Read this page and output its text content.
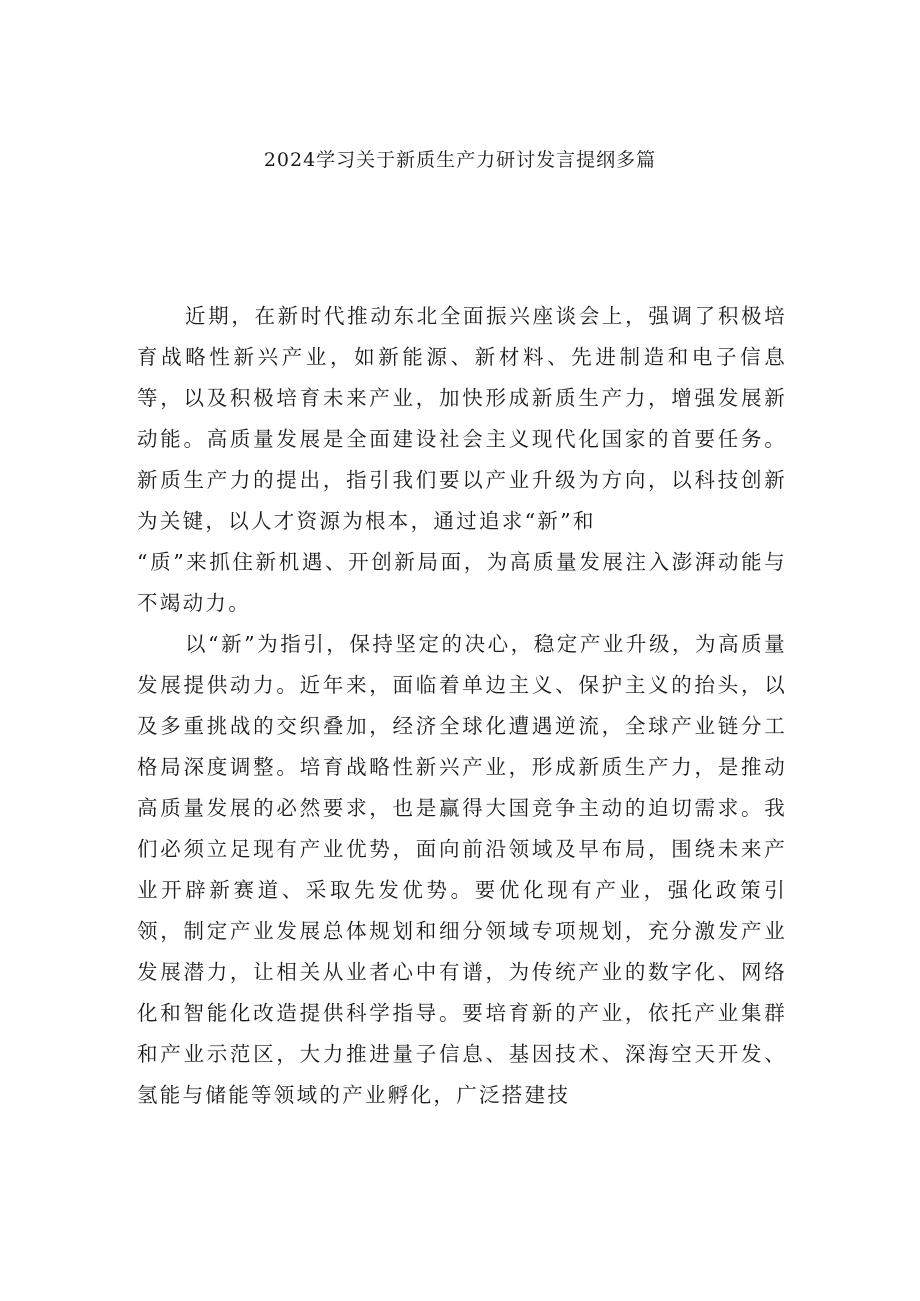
2024学习关于新质生产力研讨发言提纲多篇

近期，在新时代推动东北全面振兴座谈会上，强调了积极培育战略性新兴产业，如新能源、新材料、先进制造和电子信息等，以及积极培育未来产业，加快形成新质生产力，增强发展新动能。高质量发展是全面建设社会主义现代化国家的首要任务。新质生产力的提出，指引我们要以产业升级为方向，以科技创新为关键，以人才资源为根本，通过追求“新”和

“质”来抓住新机遇、开创新局面，为高质量发展注入澎湃动能与不竭动力。

以“新”为指引，保持坚定的决心，稳定产业升级，为高质量发展提供动力。近年来，面临着单边主义、保护主义的抬头，以及多重挑战的交织叠加，经济全球化遭遇逆流，全球产业链分工格局深度调整。培育战略性新兴产业，形成新质生产力，是推动高质量发展的必然要求，也是赢得大国竞争主动的迫切需求。我们必须立足现有产业优势，面向前沿领域及早布局，围绕未来产业开辟新赛道、采取先发优势。要优化现有产业，强化政策引领，制定产业发展总体规划和细分领域专项规划，充分激发产业发展潜力，让相关从业者心中有谱，为传统产业的数字化、网络化和智能化改造提供科学指导。要培育新的产业，依托产业集群和产业示范区，大力推进量子信息、基因技术、深海空天开发、氢能与储能等领域的产业孵化，广泛搭建技
